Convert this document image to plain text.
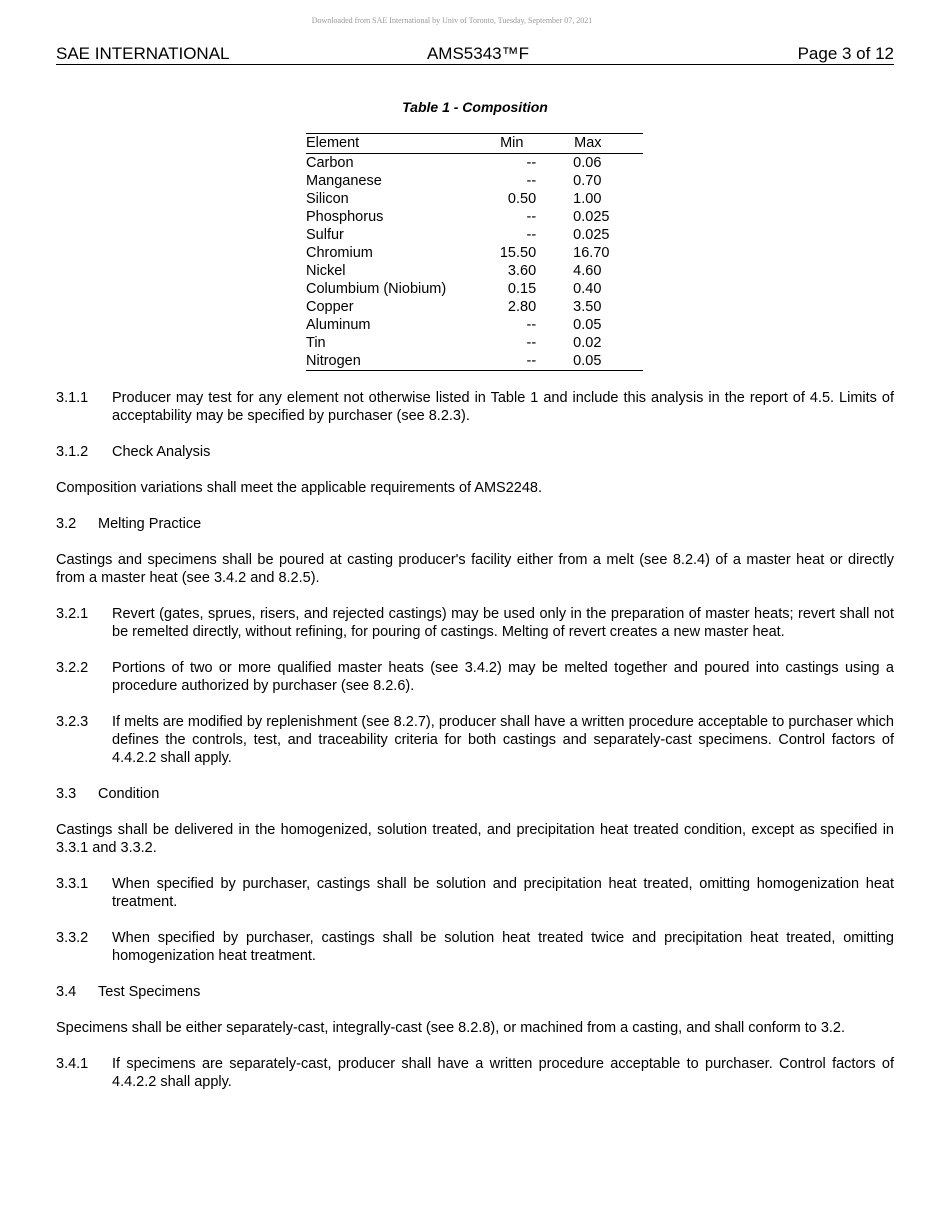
Downloaded from SAE International by Univ of Toronto, Tuesday, September 07, 2021
SAE INTERNATIONAL	AMS5343™F	Page 3 of 12
Table 1 - Composition
Element	Min	Max
Carbon	--	0.06
Manganese	--	0.70
Silicon	0.50	1.00
Phosphorus	--	0.025
Sulfur	--	0.025
Chromium	15.50	16.70
Nickel	3.60	4.60
Columbium (Niobium)	0.15	0.40
Copper	2.80	3.50
Aluminum	--	0.05
Tin	--	0.02
Nitrogen	--	0.05
3.1.1	Producer may test for any element not otherwise listed in Table 1 and include this analysis in the report of 4.5. Limits of acceptability may be specified by purchaser (see 8.2.3).
3.1.2	Check Analysis

Composition variations shall meet the applicable requirements of AMS2248.

3.2	Melting Practice

Castings and specimens shall be poured at casting producer's facility either from a melt (see 8.2.4) of a master heat or directly from a master heat (see 3.4.2 and 8.2.5).

3.2.1	Revert (gates, sprues, risers, and rejected castings) may be used only in the preparation of master heats; revert shall not be remelted directly, without refining, for pouring of castings. Melting of revert creates a new master heat.
3.2.2	Portions of two or more qualified master heats (see 3.4.2) may be melted together and poured into castings using a procedure authorized by purchaser (see 8.2.6).
3.2.3	If melts are modified by replenishment (see 8.2.7), producer shall have a written procedure acceptable to purchaser which defines the controls, test, and traceability criteria for both castings and separately-cast specimens. Control factors of 4.4.2.2 shall apply.
3.3	Condition

Castings shall be delivered in the homogenized, solution treated, and precipitation heat treated condition, except as specified in 3.3.1 and 3.3.2.

3.3.1	When specified by purchaser, castings shall be solution and precipitation heat treated, omitting homogenization heat treatment.
3.3.2	When specified by purchaser, castings shall be solution heat treated twice and precipitation heat treated, omitting homogenization heat treatment.
3.4	Test Specimens

Specimens shall be either separately-cast, integrally-cast (see 8.2.8), or machined from a casting, and shall conform to 3.2.

3.4.1	If specimens are separately-cast, producer shall have a written procedure acceptable to purchaser. Control factors of 4.4.2.2 shall apply.
